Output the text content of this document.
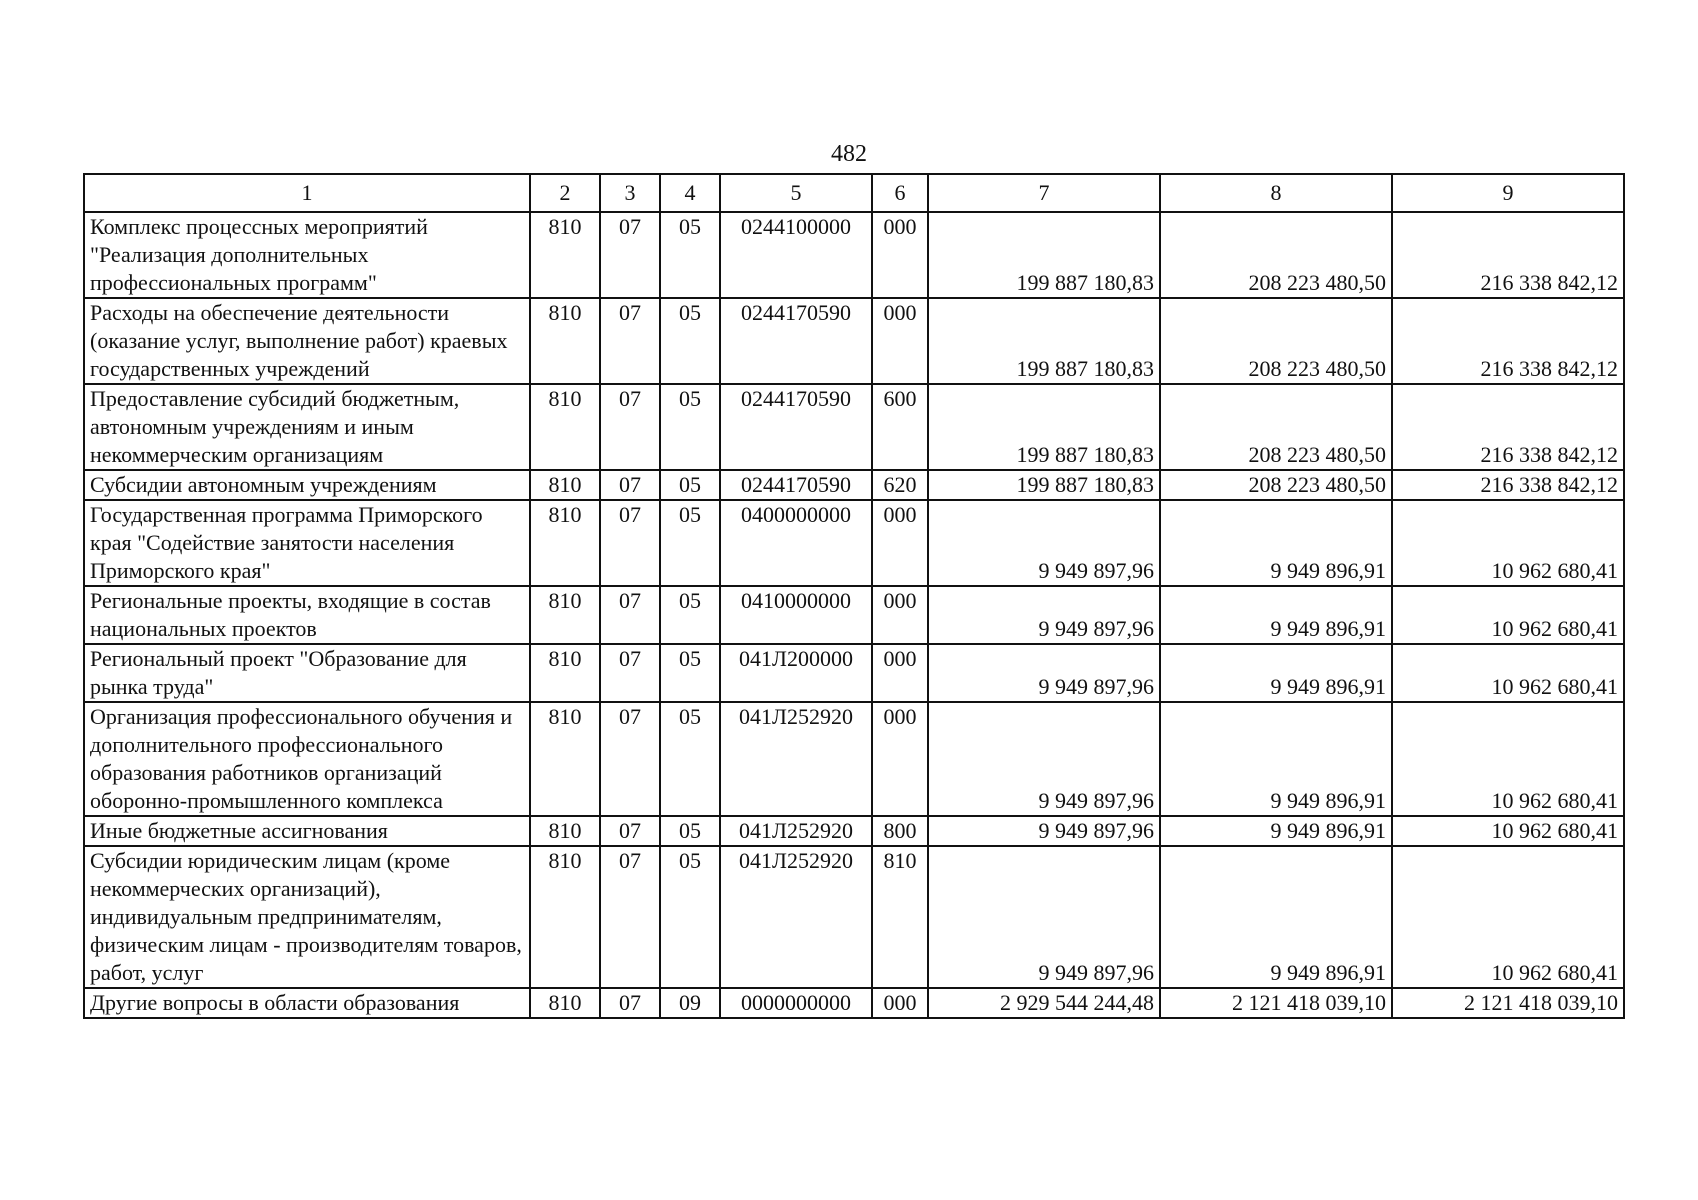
482
1	2	3	4	5	6	7	8	9
Комплекс процессных мероприятий "Реализация дополнительных профессиональных программ"	810	07	05	0244100000	000	199 887 180,83	208 223 480,50	216 338 842,12
Расходы на обеспечение деятельности (оказание услуг, выполнение работ) краевых государственных учреждений	810	07	05	0244170590	000	199 887 180,83	208 223 480,50	216 338 842,12
Предоставление субсидий бюджетным, автономным учреждениям и иным некоммерческим организациям	810	07	05	0244170590	600	199 887 180,83	208 223 480,50	216 338 842,12
Субсидии автономным учреждениям	810	07	05	0244170590	620	199 887 180,83	208 223 480,50	216 338 842,12
Государственная программа Приморского края "Содействие занятости населения Приморского края"	810	07	05	0400000000	000	9 949 897,96	9 949 896,91	10 962 680,41
Региональные проекты, входящие в состав национальных проектов	810	07	05	0410000000	000	9 949 897,96	9 949 896,91	10 962 680,41
Региональный проект "Образование для рынка труда"	810	07	05	041Л200000	000	9 949 897,96	9 949 896,91	10 962 680,41
Организация профессионального обучения и дополнительного профессионального образования работников организаций оборонно-промышленного комплекса	810	07	05	041Л252920	000	9 949 897,96	9 949 896,91	10 962 680,41
Иные бюджетные ассигнования	810	07	05	041Л252920	800	9 949 897,96	9 949 896,91	10 962 680,41
Субсидии юридическим лицам (кроме некоммерческих организаций), индивидуальным предпринимателям, физическим лицам - производителям товаров, работ, услуг	810	07	05	041Л252920	810	9 949 897,96	9 949 896,91	10 962 680,41
Другие вопросы в области образования	810	07	09	0000000000	000	2 929 544 244,48	2 121 418 039,10	2 121 418 039,10
